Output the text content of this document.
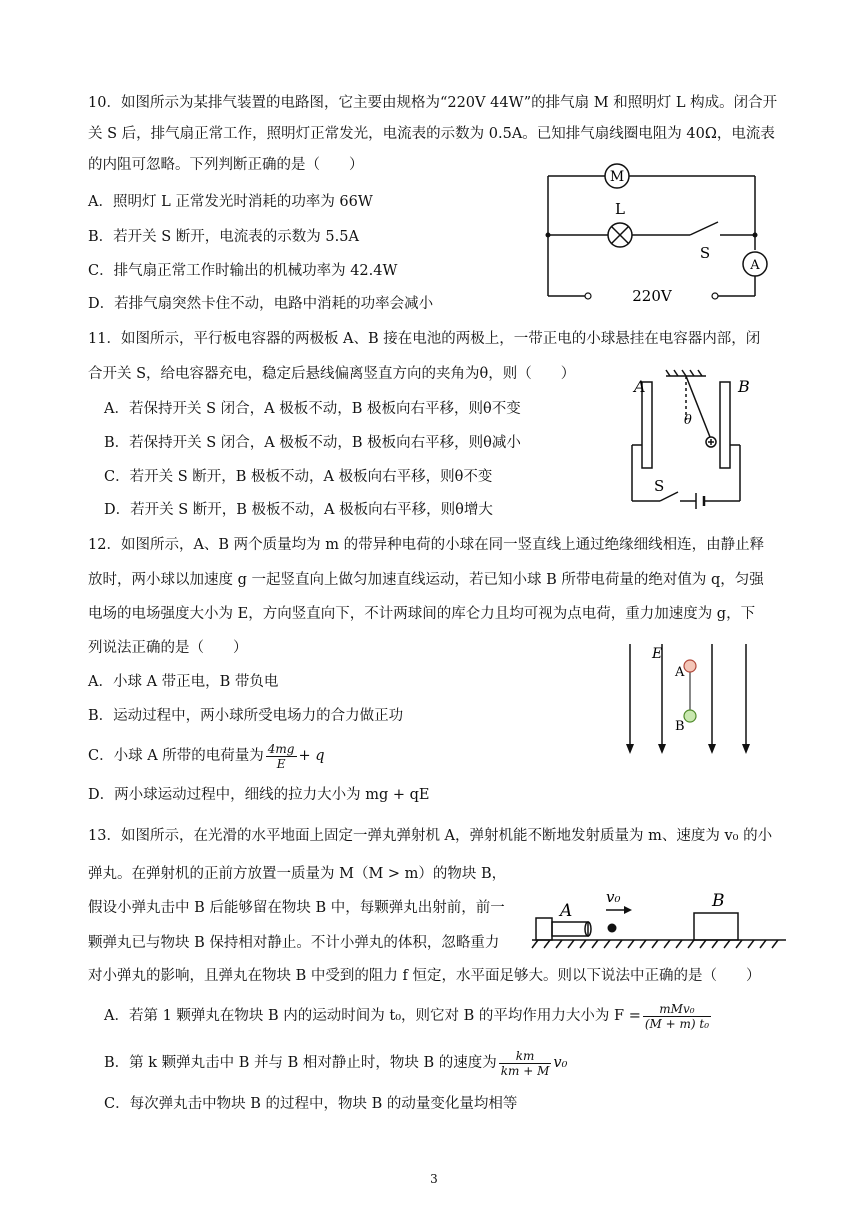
10．如图所示为某排气装置的电路图，它主要由规格为“220V 44W”的排气扇 M 和照明灯 L 构成。闭合开
关 S 后，排气扇正常工作，照明灯正常发光，电流表的示数为 0.5A。已知排气扇线圈电阻为 40Ω，电流表
的内阻可忽略。下列判断正确的是（　　）
A．照明灯 L 正常发光时消耗的功率为 66W
B．若开关 S 断开，电流表的示数为 5.5A
C．排气扇正常工作时输出的机械功率为 42.4W
D．若排气扇突然卡住不动，电路中消耗的功率会减小
M
L
S
A
220V
11．如图所示，平行板电容器的两极板 A、B 接在电池的两极上，一带正电的小球悬挂在电容器内部，闭
合开关 S，给电容器充电，稳定后悬线偏离竖直方向的夹角为θ，则（　　）
A．若保持开关 S 闭合，A 极板不动，B 极板向右平移，则θ不变
B．若保持开关 S 闭合，A 极板不动，B 极板向右平移，则θ减小
C．若开关 S 断开，B 极板不动，A 极板向右平移，则θ不变
D．若开关 S 断开，B 极板不动，A 极板向右平移，则θ增大
A	B
θ
S
12．如图所示，A、B 两个质量均为 m 的带异种电荷的小球在同一竖直线上通过绝缘细线相连，由静止释
放时，两小球以加速度 g 一起竖直向上做匀加速直线运动，若已知小球 B 所带电荷量的绝对值为 q，匀强
电场的电场强度大小为 E，方向竖直向下，不计两球间的库仑力且均可视为点电荷，重力加速度为 g，下
列说法正确的是（　　）
A．小球 A 带正电，B 带负电
B．运动过程中，两小球所受电场力的合力做正功
C．小球 A 所带的电荷量为 $\frac{4mg}{E} + q$
D．两小球运动过程中，细线的拉力大小为 mg + qE
E
A
B
13．如图所示，在光滑的水平地面上固定一弹丸弹射机 A，弹射机能不断地发射质量为 m、速度为 v₀ 的小
弹丸。在弹射机的正前方放置一质量为 M（M > m）的物块 B，
假设小弹丸击中 B 后能够留在物块 B 中，每颗弹丸出射前，前一
颗弹丸已与物块 B 保持相对静止。不计小弹丸的体积，忽略重力
对小弹丸的影响，且弹丸在物块 B 中受到的阻力 f 恒定，水平面足够大。则以下说法中正确的是（　　）
A
v₀	B
A．若第 1 颗弹丸在物块 B 内的运动时间为 t₀，则它对 B 的平均作用力大小为 $F = \frac{\text{mMv₀}}{\text{(M + m) t₀}}$
B．第 k 颗弹丸击中 B 并与 B 相对静止时，物块 B 的速度为 $\frac{km}{km + M} v_0$
C．每次弹丸击中物块 B 的过程中，物块 B 的动量变化量均相等
3
